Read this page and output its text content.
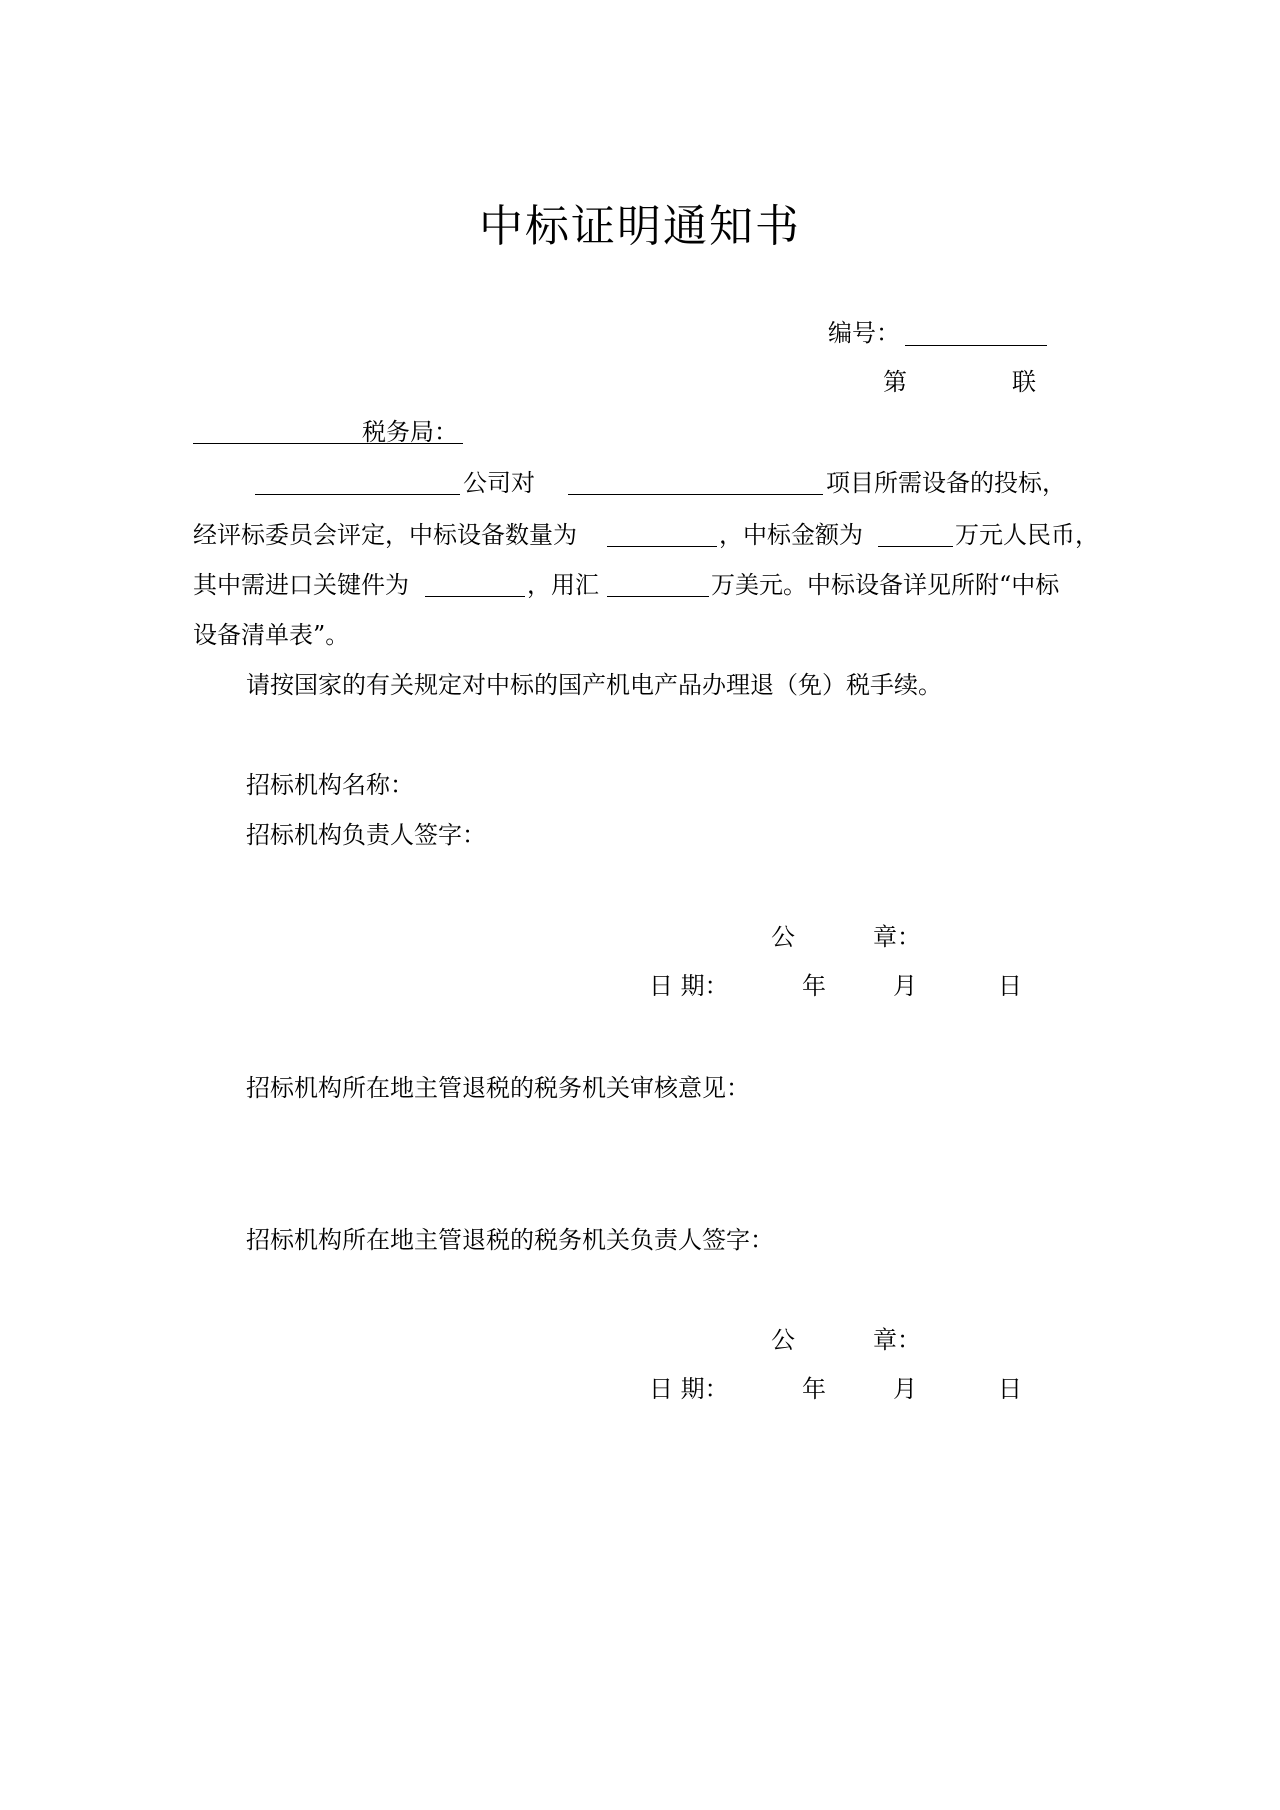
中标证明通知书
编号：
第	联
税务局：
公司对	项目所需设备的投标，
经评标委员会评定，中标设备数量为	，中标金额为	万元人民币，
其中需进口关键件为	，用汇	万美元。中标设备详见所附“中标
设备清单表”。
请按国家的有关规定对中标的国产机电产品办理退（免）税手续。
招标机构名称：
招标机构负责人签字：
公	章：
日 期：	年	月	日
招标机构所在地主管退税的税务机关审核意见：
招标机构所在地主管退税的税务机关负责人签字：
公	章：
日 期：	年	月	日
